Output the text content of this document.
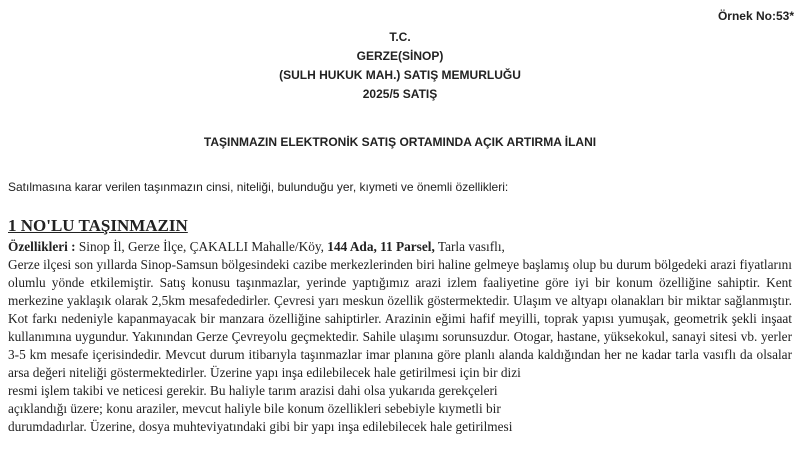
Örnek No:53*
T.C.
GERZE(SİNOP)
(SULH HUKUK MAH.) SATIŞ MEMURLUĞU
2025/5 SATIŞ
TAŞINMAZIN ELEKTRONİK SATIŞ ORTAMINDA AÇIK ARTIRMA İLANI
Satılmasına karar verilen taşınmazın cinsi, niteliği, bulunduğu yer, kıymeti ve önemli özellikleri:
1 NO'LU TAŞINMAZIN

Özellikleri : Sinop İl, Gerze İlçe, ÇAKALLI Mahalle/Köy, 144 Ada, 11 Parsel, Tarla vasıflı,

Gerze ilçesi son yıllarda Sinop-Samsun bölgesindeki cazibe merkezlerinden biri haline gelmeye başlamış olup bu durum bölgedeki arazi fiyatlarını olumlu yönde etkilemiştir. Satış konusu taşınmazlar, yerinde yaptığımız arazi izlem faaliyetine göre iyi bir konum özelliğine sahiptir. Kent merkezine yaklaşık olarak 2,5km mesafededirler. Çevresi yarı meskun özellik göstermektedir. Ulaşım ve altyapı olanakları bir miktar sağlanmıştır. Kot farkı nedeniyle kapanmayacak bir manzara özelliğine sahiptirler. Arazinin eğimi hafif meyilli, toprak yapısı yumuşak, geometrik şekli inşaat kullanımına uygundur. Yakınından Gerze Çevreyolu geçmektedir. Sahile ulaşımı sorunsuzdur. Otogar, hastane, yüksekokul, sanayi sitesi vb. yerler 3-5 km mesafe içerisindedir. Mevcut durum itibarıyla taşınmazlar imar planına göre planlı alanda kaldığından her ne kadar tarla vasıflı da olsalar arsa değeri niteliği göstermektedirler. Üzerine yapı inşa edilebilecek hale getirilmesi için bir dizi

resmi işlem takibi ve neticesi gerekir. Bu haliyle tarım arazisi dahi olsa yukarıda gerekçeleri

açıklandığı üzere; konu araziler, mevcut haliyle bile konum özellikleri sebebiyle kıymetli bir

durumdadırlar. Üzerine, dosya muhteviyatındaki gibi bir yapı inşa edilebilecek hale getirilmesi
